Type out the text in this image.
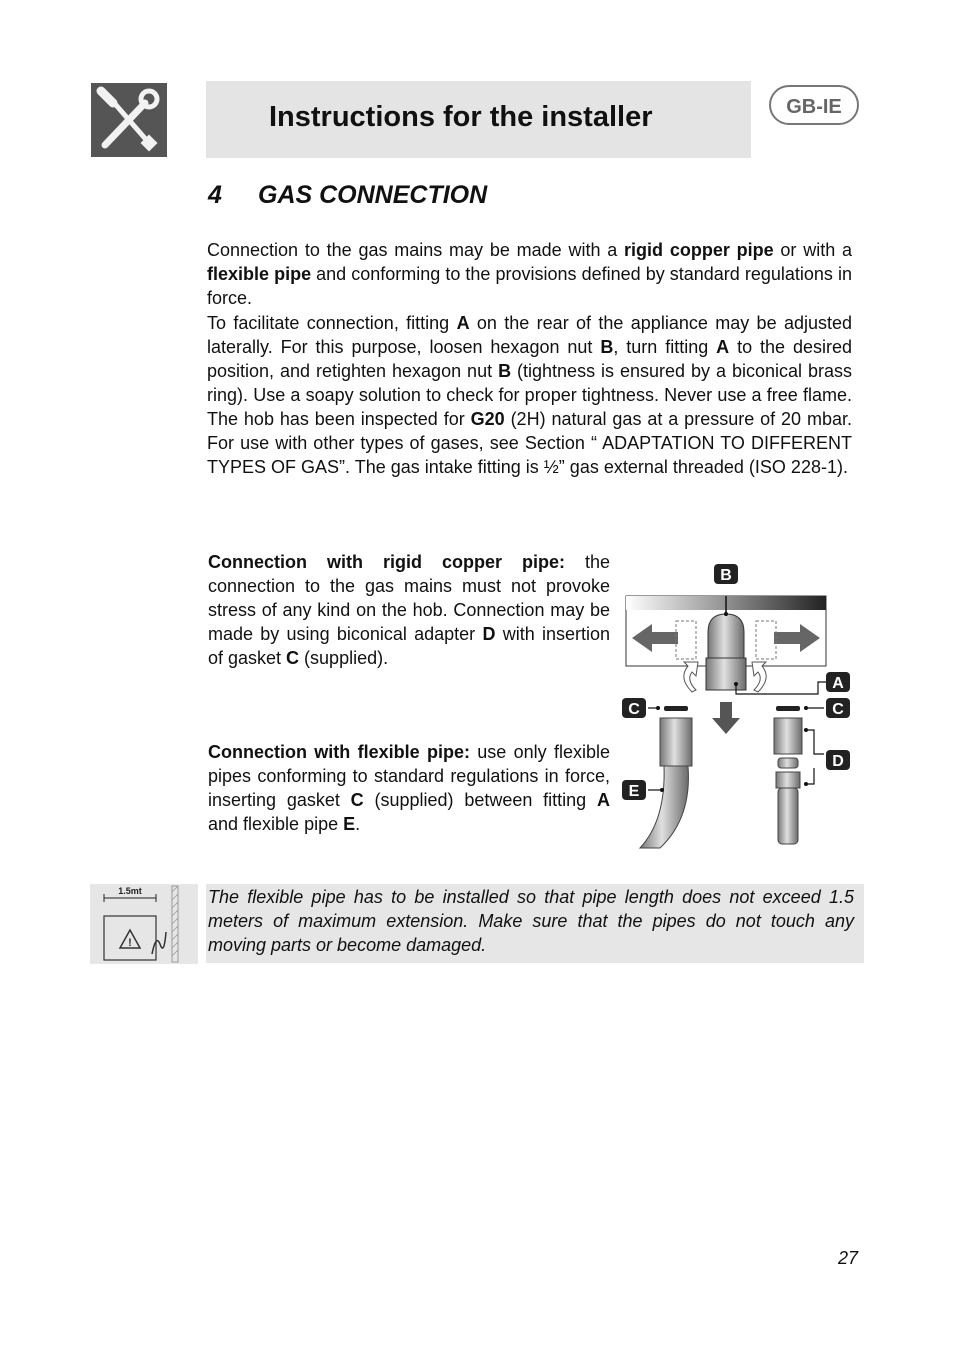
Instructions for the installer	GB-IE
4 GAS CONNECTION

Connection to the gas mains may be made with a rigid copper pipe or with a flexible pipe and conforming to the provisions defined by standard regulations in force.

To facilitate connection, fitting A on the rear of the appliance may be adjusted laterally. For this purpose, loosen hexagon nut B, turn fitting A to the desired position, and retighten hexagon nut B (tightness is ensured by a biconical brass ring). Use a soapy solution to check for proper tightness. Never use a free flame. The hob has been inspected for G20 (2H) natural gas at a pressure of 20 mbar. For use with other types of gases, see Section “ ADAPTATION TO DIFFERENT TYPES OF GAS”. The gas intake fitting is ½” gas external threaded (ISO 228-1).

Connection with rigid copper pipe: the connection to the gas mains must not provoke stress of any kind on the hob. Connection may be made by using biconical adapter D with insertion of gasket C (supplied).

Connection with flexible pipe: use only flexible pipes conforming to standard regulations in force, inserting gasket C (supplied) between fitting A and flexible pipe E.

B
A
C
E
C
D
1.5mt
!

The flexible pipe has to be installed so that pipe length does not exceed 1.5 meters of maximum extension. Make sure that the pipes do not touch any moving parts or become damaged.

27
